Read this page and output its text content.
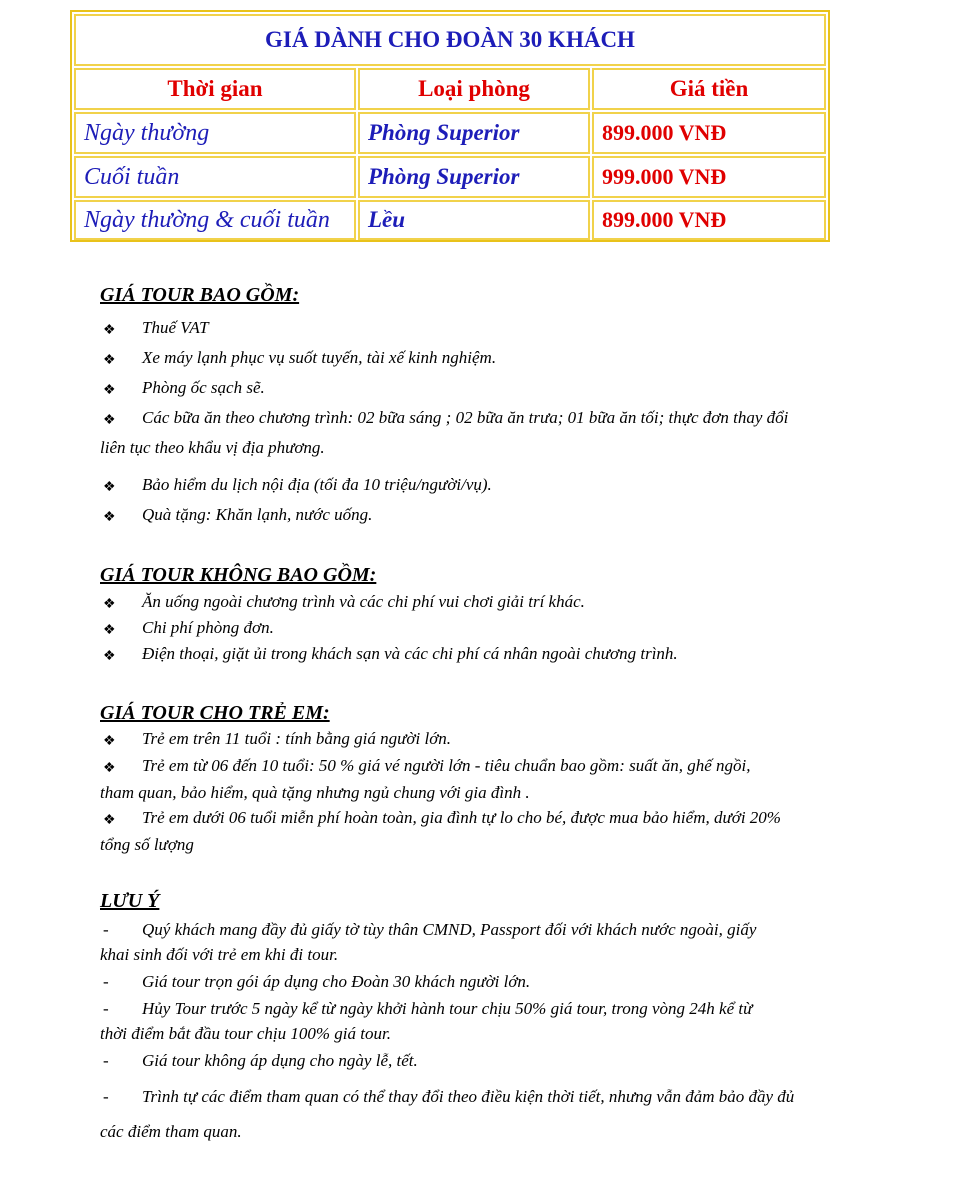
GIÁ DÀNH CHO ĐOÀN 30 KHÁCH
Thời gian	Loại phòng	Giá tiền
Ngày thường	Phòng Superior	899.000 VNĐ
Cuối tuần	Phòng Superior	999.000 VNĐ
Ngày thường & cuối tuần	Lều	899.000 VNĐ
GIÁ TOUR BAO GỒM:
❖ Thuế VAT
❖ Xe máy lạnh phục vụ suốt tuyến, tài xế kinh nghiệm.
❖ Phòng ốc sạch sẽ.
❖ Các bữa ăn theo chương trình: 02 bữa sáng ; 02 bữa ăn trưa; 01 bữa ăn tối; thực đơn thay đổi
liên tục theo khẩu vị địa phương.
❖ Bảo hiểm du lịch nội địa (tối đa 10 triệu/người/vụ).
❖ Quà tặng: Khăn lạnh, nước uống.
GIÁ TOUR KHÔNG BAO GỒM:
❖ Ăn uống ngoài chương trình và các chi phí vui chơi giải trí khác.
❖ Chi phí phòng đơn.
❖ Điện thoại, giặt ủi trong khách sạn và các chi phí cá nhân ngoài chương trình.
GIÁ TOUR CHO TRẺ EM:
❖ Trẻ em trên 11 tuổi : tính bằng giá người lớn.
❖ Trẻ em từ 06 đến 10 tuổi: 50 % giá vé người lớn - tiêu chuẩn bao gồm: suất ăn, ghế ngồi,
tham quan, bảo hiểm, quà tặng nhưng ngủ chung với gia đình .
❖ Trẻ em dưới 06 tuổi miễn phí hoàn toàn, gia đình tự lo cho bé, được mua bảo hiểm, dưới 20%
tổng số lượng
LƯU Ý
- Quý khách mang đầy đủ giấy tờ tùy thân CMND, Passport đối với khách nước ngoài, giấy
khai sinh đối với trẻ em khi đi tour.
- Giá tour trọn gói áp dụng cho Đoàn 30 khách người lớn.
- Hủy Tour trước 5 ngày kể từ ngày khởi hành tour chịu 50% giá tour, trong vòng 24h kể từ
thời điểm bắt đầu tour chịu 100% giá tour.
- Giá tour không áp dụng cho ngày lễ, tết.
- Trình tự các điểm tham quan có thể thay đổi theo điều kiện thời tiết, nhưng vẫn đảm bảo đầy đủ
các điểm tham quan.
